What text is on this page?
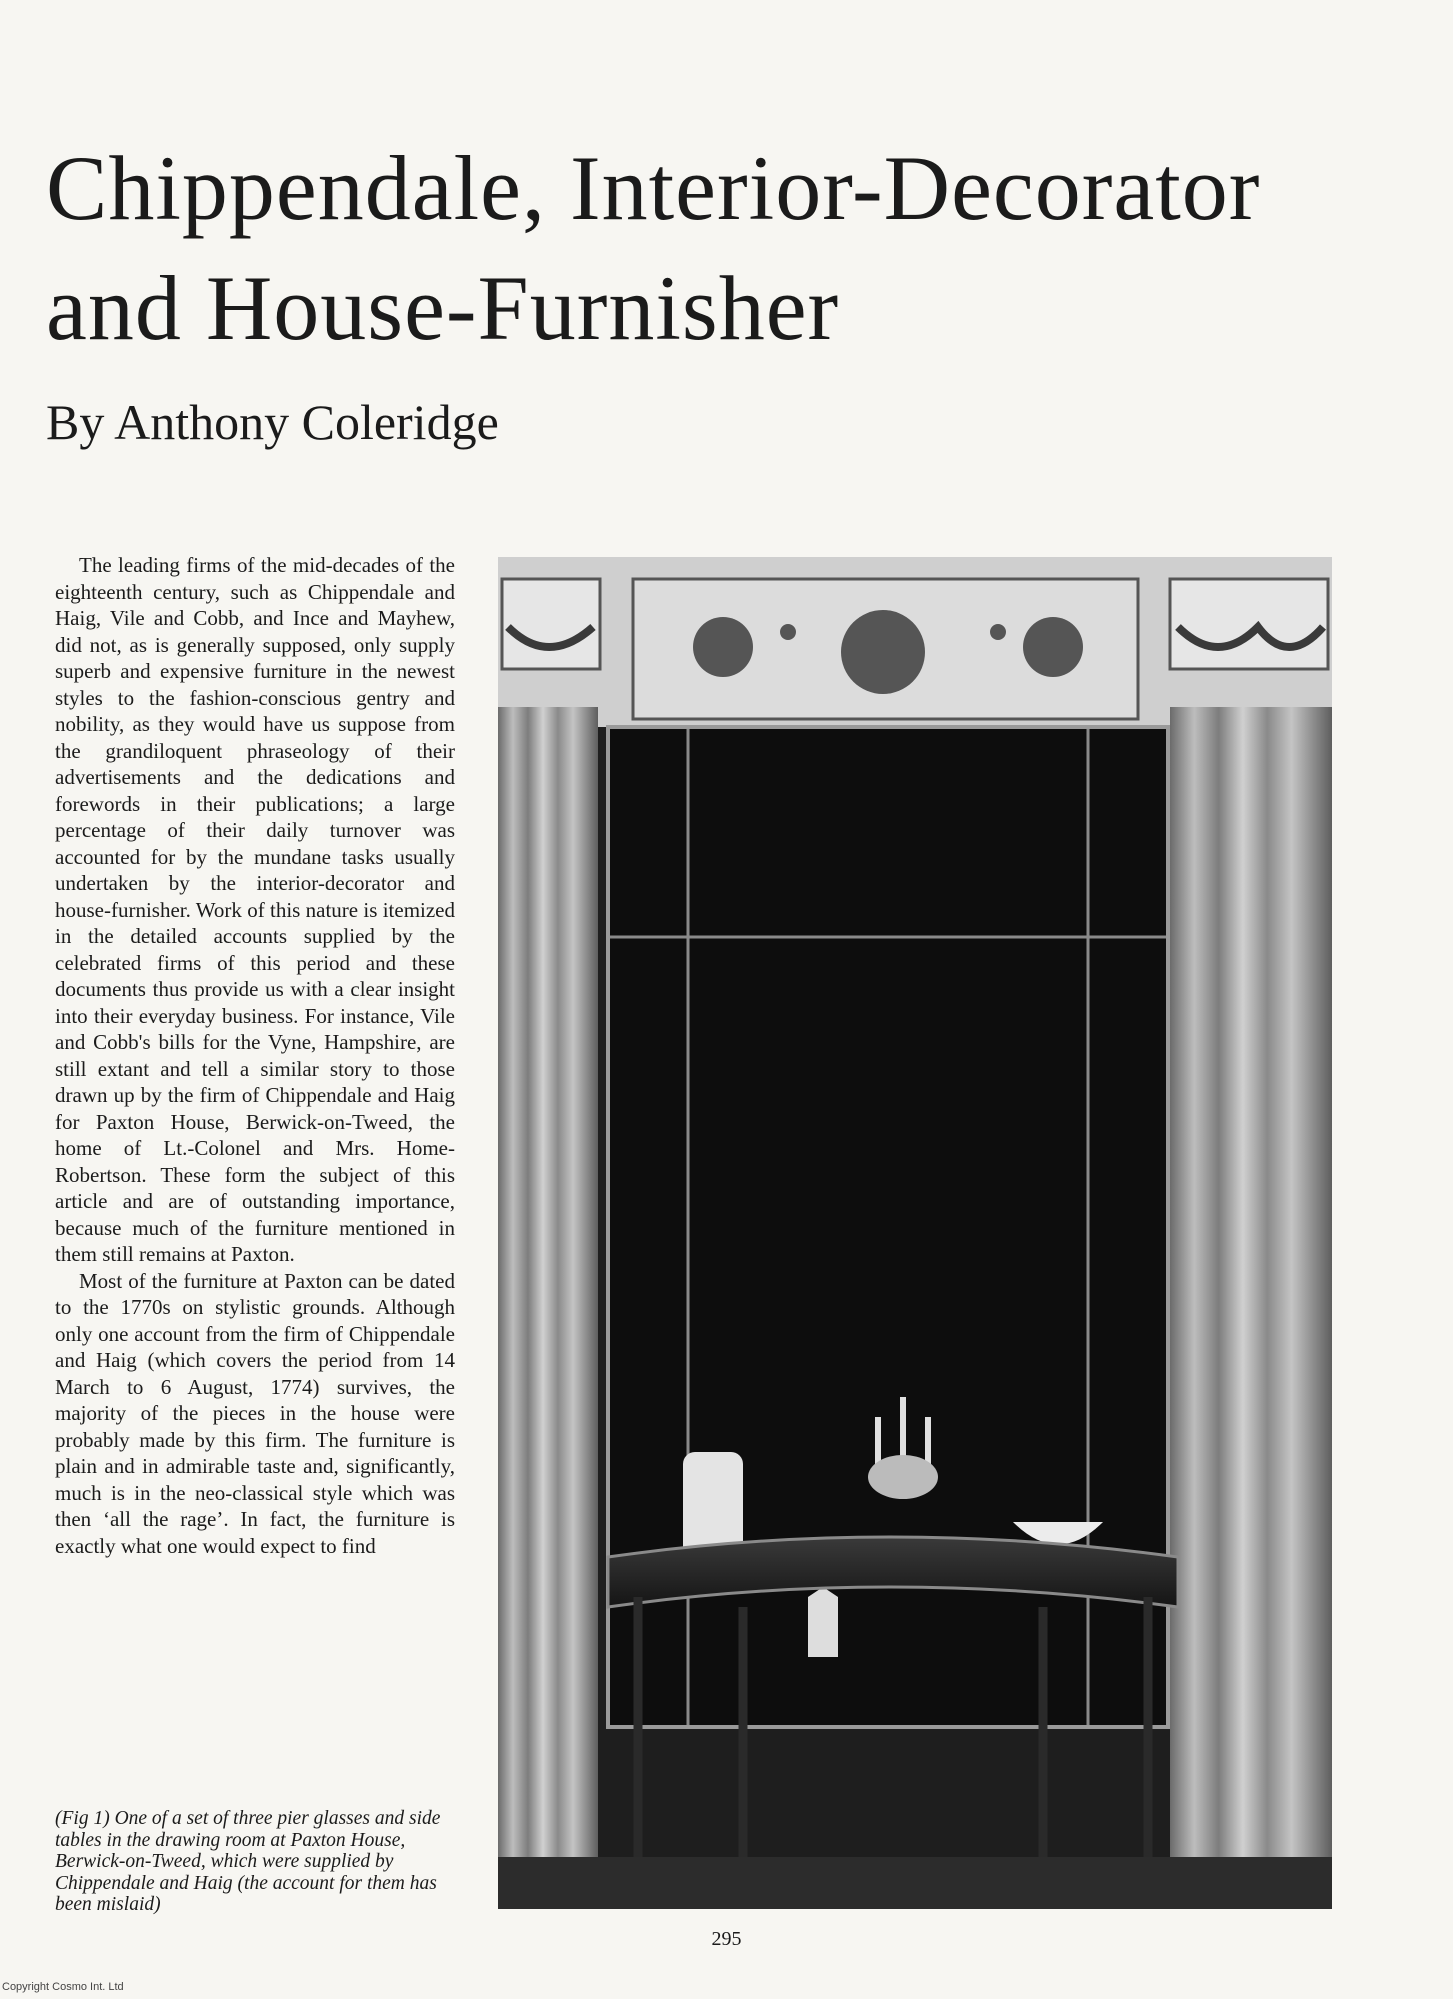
Chippendale, Interior-Decorator
and House-Furnisher
By Anthony Coleridge

The leading firms of the mid-decades of the eighteenth century, such as Chippendale and Haig, Vile and Cobb, and Ince and Mayhew, did not, as is generally supposed, only supply superb and expensive furniture in the newest styles to the fashion-conscious gentry and nobility, as they would have us suppose from the grandiloquent phraseology of their advertisements and the dedications and forewords in their publications; a large percentage of their daily turnover was accounted for by the mundane tasks usually undertaken by the interior-decorator and house-furnisher. Work of this nature is itemized in the detailed accounts supplied by the celebrated firms of this period and these documents thus provide us with a clear insight into their everyday business. For instance, Vile and Cobb's bills for the Vyne, Hampshire, are still extant and tell a similar story to those drawn up by the firm of Chippendale and Haig for Paxton House, Berwick-on-Tweed, the home of Lt.-Colonel and Mrs. Home-Robertson. These form the subject of this article and are of outstanding importance, because much of the furniture mentioned in them still remains at Paxton.

Most of the furniture at Paxton can be dated to the 1770s on stylistic grounds. Although only one account from the firm of Chippendale and Haig (which covers the period from 14 March to 6 August, 1774) survives, the majority of the pieces in the house were probably made by this firm. The furniture is plain and in admirable taste and, significantly, much is in the neo-classical style which was then ‘all the rage’. In fact, the furniture is exactly what one would expect to find

(Fig 1) One of a set of three pier glasses and side tables in the drawing room at Paxton House, Berwick-on-Tweed, which were supplied by Chippendale and Haig (the account for them has been mislaid)
295
Copyright Cosmo Int. Ltd
